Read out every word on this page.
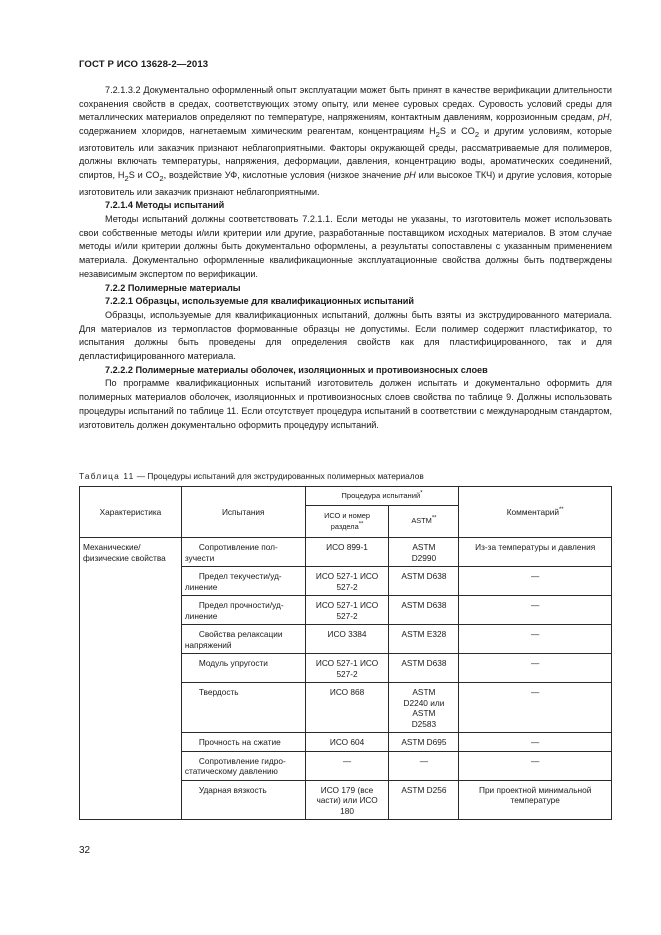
ГОСТ Р ИСО 13628-2—2013

7.2.1.3.2 Документально оформленный опыт эксплуатации может быть принят в качестве верификации длительности сохранения свойств в средах, соответствующих этому опыту, или менее суровых средах. Суровость условий среды для металлических материалов определяют по температуре, напряжениям, контактным давлениям, коррозионным средам, pH, содержанием хлоридов, нагнетаемым химическим реагентам, концентрациям $H_2S$ и $CO_2$ и другим условиям, которые изготовитель или заказчик признают неблагоприятными. Факторы окружающей среды, рассматриваемые для полимеров, должны включать температуры, напряжения, деформации, давления, концентрацию воды, ароматических соединений, спиртов, $H_2S$ и $CO_2$, воздействие УФ, кислотные условия (низкое значение pH или высокое ТКЧ) и другие условия, которые изготовитель или заказчик признают неблагоприятными.

7.2.1.4 Методы испытаний

Методы испытаний должны соответствовать 7.2.1.1. Если методы не указаны, то изготовитель может использовать свои собственные методы и/или критерии или другие, разработанные поставщиком исходных материалов. В этом случае методы и/или критерии должны быть документально оформлены, а результаты сопоставлены с указанным применением материала. Документально оформленные квалификационные эксплуатационные свойства должны быть подтверждены независимым экспертом по верификации.

7.2.2 Полимерные материалы

7.2.2.1 Образцы, используемые для квалификационных испытаний

Образцы, используемые для квалификационных испытаний, должны быть взяты из экструдированного материала. Для материалов из термопластов формованные образцы не допустимы. Если полимер содержит пластификатор, то испытания должны быть проведены для определения свойств как для пластифицированного, так и для депластифицированного материала.

7.2.2.2 Полимерные материалы оболочек, изоляционных и противоизносных слоев

По программе квалификационных испытаний изготовитель должен испытать и документально оформить для полимерных материалов оболочек, изоляционных и противоизносных слоев свойства по таблице 9. Должны использовать процедуры испытаний по таблице 11. Если отсутствует процедура испытаний в соответствии с международным стандартом, изготовитель должен документально оформить процедуру испытаний.

Таблица 11 — Процедуры испытаний для экструдированных полимерных материалов
Характеристика	Испытания	Процедура испытаний*		Комментарий**
		ИСО и номер раздела**	ASTM**
Механические/физические свойства	Сопротивление пол-
зучести	ИСО 899-1	ASTM D2990	Из-за температуры и давления

	Предел текучести/уд-
линение	ИСО 527-1 ИСО 527-2	ASTM D638	—

	Предел прочности/уд-
линение	ИСО 527-1 ИСО 527-2	ASTM D638	—

	Свойства релаксации
напряжений	ИСО 3384	ASTM E328	—

	Модуль упругости	ИСО 527-1 ИСО 527-2	ASTM D638	—

	Твердость	ИСО 868	ASTM D2240 или ASTM D2583	—

	Прочность на сжатие	ИСО 604	ASTM D695	—

	Сопротивление гидро-
статическому давлению	—	—	—

	Ударная вязкость	ИСО 179 (все части) или ИСО 180	ASTM D256	При проектной минимальной температуре
32
